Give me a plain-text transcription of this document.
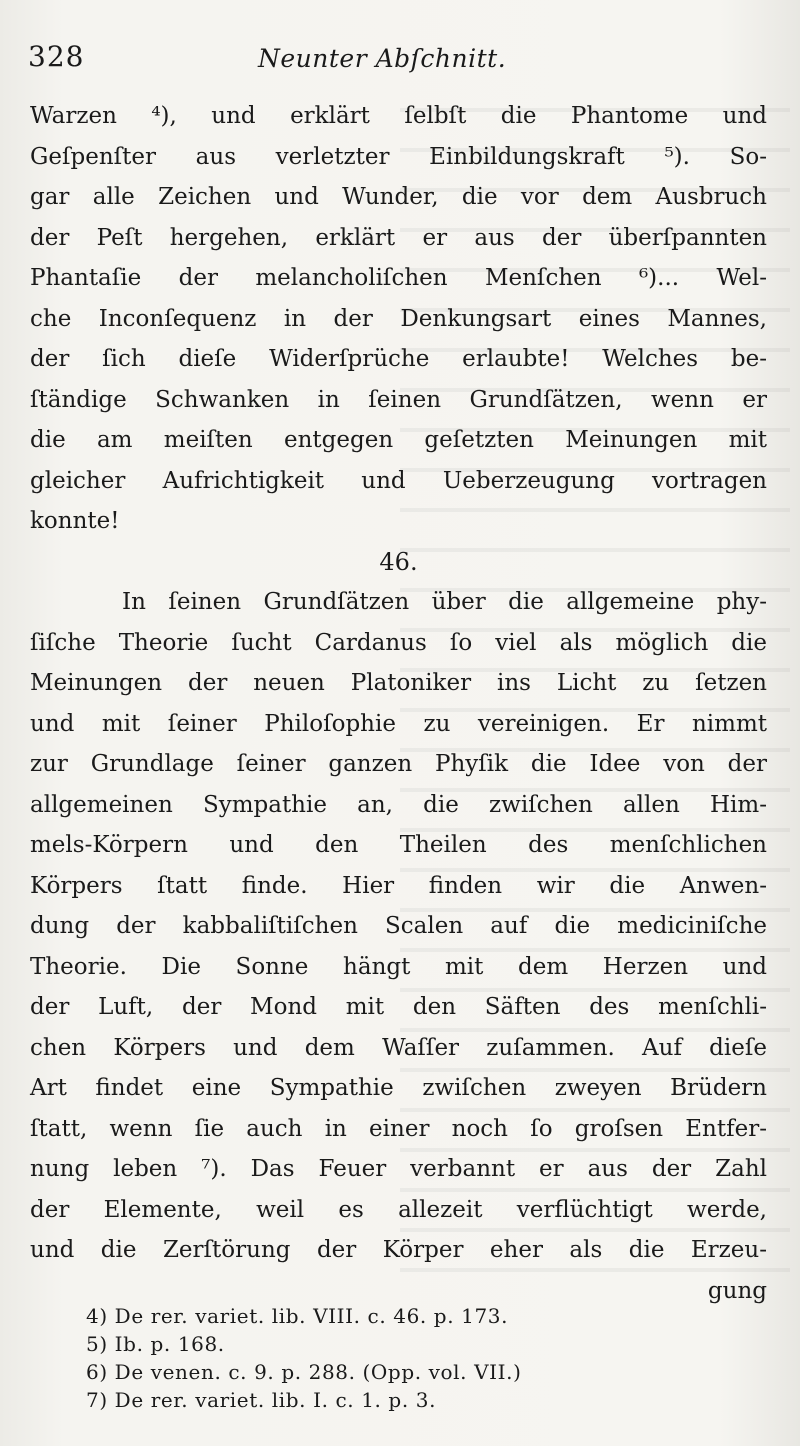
328	Neunter Abſchnitt.
Warzen ⁴), und erklärt ſelbſt die Phantome und
Geſpenſter aus verletzter Einbildungskraft ⁵). So-
gar alle Zeichen und Wunder, die vor dem Ausbruch
der Peſt hergehen, erklärt er aus der überſpannten
Phantaſie der melancholiſchen Menſchen ⁶)... Wel-
che Inconſequenz in der Denkungsart eines Mannes,
der ſich dieſe Widerſprüche erlaubte! Welches be-
ſtändige Schwanken in ſeinen Grundſätzen, wenn er
die am meiſten entgegen geſetzten Meinungen mit
gleicher Aufrichtigkeit und Ueberzeugung vortragen
konnte!
46.
In ſeinen Grundſätzen über die allgemeine phy-
ſiſche Theorie ſucht Cardanus ſo viel als möglich die
Meinungen der neuen Platoniker ins Licht zu ſetzen
und mit ſeiner Philoſophie zu vereinigen. Er nimmt
zur Grundlage ſeiner ganzen Phyſik die Idee von der
allgemeinen Sympathie an, die zwiſchen allen Him-
mels-Körpern und den Theilen des menſchlichen
Körpers ſtatt finde. Hier finden wir die Anwen-
dung der kabbaliſtiſchen Scalen auf die mediciniſche
Theorie. Die Sonne hängt mit dem Herzen und
der Luft, der Mond mit den Säften des menſchli-
chen Körpers und dem Waſſer zuſammen. Auf dieſe
Art findet eine Sympathie zwiſchen zweyen Brüdern
ſtatt, wenn ſie auch in einer noch ſo groſsen Entfer-
nung leben ⁷). Das Feuer verbannt er aus der Zahl
der Elemente, weil es allezeit verflüchtigt werde,
und die Zerſtörung der Körper eher als die Erzeu-
gung
4) De rer. variet. lib. VIII. c. 46. p. 173.
5) Ib. p. 168.
6) De venen. c. 9. p. 288. (Opp. vol. VII.)
7) De rer. variet. lib. I. c. 1. p. 3.
